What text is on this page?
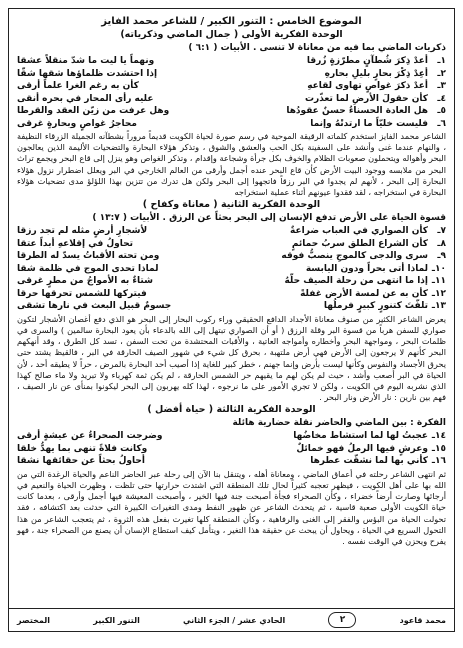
الموضوع الخامس : التنور الكبير / للشاعر محمد الفايز

الوحدة الفكرية الأولى ( جمال الماضي وذكرياته)

ذكريات الماضي بما فيه من معاناة لا تنسى . الأبيات ( ٦:١ )

١ـ
أعدْ ذِكرَ شُطآنٍ مطرّزةٍ زُرقا
ونهماً يا ليت ما شدّ منقلاً عشقا
٢ـ
أعِدْ ذِكْرَ بحارٍ بليلِ بحارهِ
إذا احتشدت ظلماؤها شقها شقّا
٣ـ
أعدْ ذكرَ غواصٍ تهاوى لقاعهِ
كأن به رغم الغرا علماً أرقى
٤ـ
كأن حقولَ الأرضِ لما تعذّرت
عليه رأى المحار في بحره أنقى
٥ـ
هل العادة الحسناءُ حسنٌ عقودُها
وهل عرفت من زيّن العقد والقرطا
٦ـ
فليست خليّاً ما ارتدتْهُ وإنما
محاجرُ غواصٍ وبحارةٍ غرقى

الشاعر محمد الفايز استخدم كلماته الرقيقة الموحية في رسم صورة لحياة الكويت قديماً مروراً بشطآنه الجميلة الزرقاء النظيفة ، والنهام عندما غنى وأنشد على السفينة بكل الحب والعشق والشوق ، وتذكر هؤلاء البحارة والتضحيات الأليمة الذين يعالجون البحر وأهواله ويتحملون صعوبات الظلام والخوف بكل جرأة وشجاعة وإقدام ، وتذكر الغواص وهو ينزل إلى قاع البحر ويجمع تراث البحر من ملابسه ووجود البيت الأرض كأن قاع البحر عنده أجمل وأرقى من العالم الخارجي في البر ويعلل اضطرار نزول هؤلاء البحارة إلى البحر ، لأنهم لم يجدوا في البر رزقاً فاتجهوا إلى البحر ولكن هل تدرك من تتزين بهذا اللؤلؤ مدى تضحيات هؤلاء البحارة في استخراجه ، لقد فقدوا عيونهم أثناء عملية استخراجه

الوحدة الفكرية الثانية ( معاناة وكفاح )

قسوة الحياة على الأرض تدفع الإنسان إلى البحر بحثاً عن الرزق . الأبيات ( ١٣:٧ )

٧ـ
كأن الصواري في العباب ضراعةٌ
لأشجارِ أرضٍ مثله لم تجد رزقا
٨ـ
كأن الشراع الطلق سربُ حمائمٍ
تحاولُ في إقلاعهِ أبداً عتقا
٩ـ
سرى والدجى كالموجِ ينصبُّ فوقه
ومن تحته الأقباتُ يسدّ له الطرقا
١٠ـ
لماذا أتى بحراً ودون اليابسة
لماذا تحدى الموج في ظلمة شقا
١١ـ
إذا ما انتهى من رحلة الصيف حلّهُ
شتاءٌ به الأمواجُ من مطرٍ غرقى
١٢ـ
كأن به عن لمسة الأرض غفلةً
فيتركها للشمس تحرقها حرقا
١٣ـ
تلفّتَ كتنورٍ كبيرٍ فرملُها
جسومٌ قبيل البعث في نارها تشقى

يعرض الشاعر الكثير من صنوف معاناة الأجداد الدافع الحقيقي وراء ركوب البحار إلى البحر هو الذي دفع أغصان الأشجار لتكون صواري للسفن هرباً من قسوة البر وقلة الرزق ( أو أن الصواري تبتهل إلى الله بالدعاء بأن يعود البحارة سالمين ) والسرى في ظلمات البحر ، ومواجهة البحر وأخطاره وأمواجه العاتية ، والأقبات المحتشدة من تحت السفن ، تسد كل الطرق ، وقد أنهكهم البحر كأنهم لا يرجعون إلى الأرض فهي أرض ملتهبة ، بحرق كل شيء في شهور الصيف الحارقة في البر ، فالقيظ يشتد حتى يحرق الأجساد والنفوس وكأنها ليست بأرض وإنما جهنم ، خطر كبير للغاية إذا أصيب أحد البحارة بالمرض ، حراً لا يطيقه أحد ، لأن الحياة في البر أصعب وأشد ، حيث لم يكن لهم ما يقيهم حر الشمس الحارقة ، لم يكن ثمة كهرباء ولا تبريد ولا ماء صالح كهذا الذي نشربه اليوم في الكويت ، ولكن لا تجري الأمور على ما نرجوه ، لهذا كله يهربون إلى البحر ليكونوا بمنأى عن نار الصيف ، فهم بين نارين : نار الأرض ونار البحر .

الوحدة الفكرية الثالثة ( حياة أفضل )

الفكرة : بين الماضي والحاضر نقلة حضارية هائلة

١٤ـ
عجبتُ لها لما استشاط مخاضُها
وضرجت الصحراءُ عن عيشةٍ أرقى
١٥ـ
وعرشٍ فيها الرملُ فهو خمائلٌ
وكانت فلاةً تنهى بما يهدُّ خلقا
١٦ـ
كأني بها لما نشقّت عطرها
أحاولُ بحثاً عن حقائقها نشقا

ثم انتهى الشاعر رحلته في أعماق الماضي ، ومعاناة أهله ، ويتنقل بنا الآن إلى رحلة عبر الحاضر الناعم والحياة الرغدة التي من الله بها على أهل الكويت ، فيظهر تعجبه كثيراً لحال تلك المنطقة التي اشتدت حرارتها حتى تلظت ، وظهرت الحياة والنعيم في أرجائها وصارت أرضاً خضراء ، وكأن الصحراء فجأة أصبحت جنة فيها الخير ، وأصبحت المعيشة فيها أجمل وأرقى ، بعدما كانت حياة الكويت الأولى صعبة قاسية ، ثم يتحدث الشاعر عن ظهور النفط ومدى التغيرات الكبيرة التي حدثت بعد اكتشافه ، فقد تحولت الحياة من البؤس والفقر إلى الغنى والرفاهية ، وكأن المنطقة كلها تغيرت بفعل هذه الثروة ، ثم يتعجب الشاعر من هذا التحول السريع في الحياة ، ويحاول أن يبحث عن حقيقة هذا التغير ، ويتأمل كيف استطاع الإنسان أن يصنع من الصحراء جنة ، فهو يفرح ويحزن في الوقت نفسه .

محمد قاعود
٢
الحادي عشر / الجزء الثاني
التنور الكبير
المختصر
